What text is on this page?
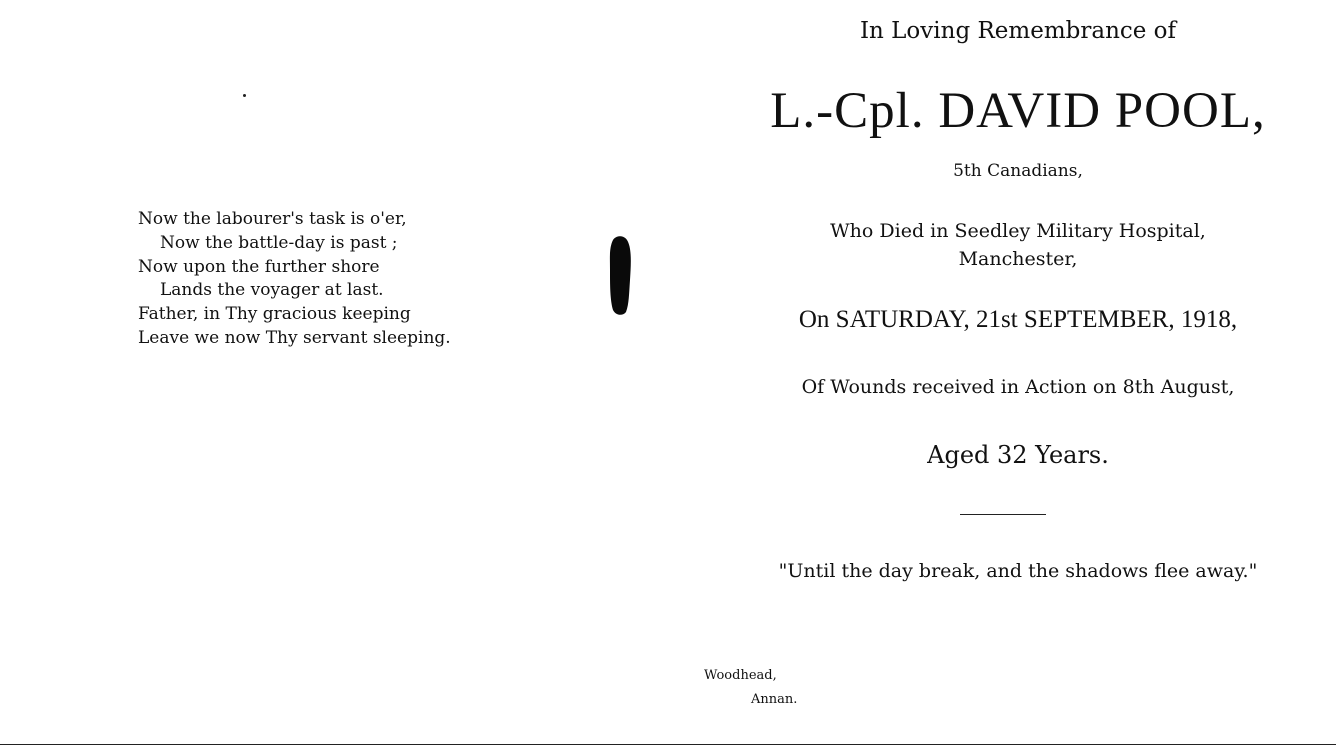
Now the labourer's task is o'er,
Now the battle-day is past ;
Now upon the further shore
Lands the voyager at last.
Father, in Thy gracious keeping
Leave we now Thy servant sleeping.
In Loving Remembrance of
L.-Cpl. DAVID POOL,
5th Canadians,
Who Died in Seedley Military Hospital,
Manchester,
On SATURDAY, 21st SEPTEMBER, 1918,
Of Wounds received in Action on 8th August,
Aged 32 Years.
"Until the day break, and the shadows flee away."
Woodhead,
Annan.
